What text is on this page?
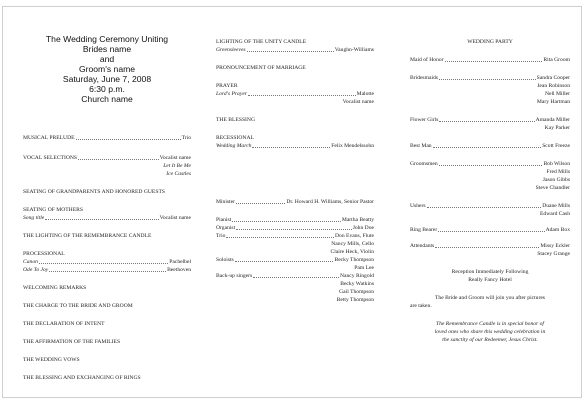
The Wedding Ceremony Uniting
Brides name
and
Groom's name
Saturday, June 7, 2008
6:30 p.m.
Church name
MUSICAL PRELUDE	Trio
VOCAL SELECTIONS	Vocalist name
Let It Be Me
Ice Castles
SEATING OF GRANDPARENTS AND HONORED GUESTS
SEATING OF MOTHERS
Song title	Vocalist name
THE LIGHTING OF THE REMEMBRANCE CANDLE
PROCESSIONAL
Canon	Pachelbel
Ode To Joy	Beethoven
WELCOMING REMARKS
THE CHARGE TO THE BRIDE AND GROOM
THE DECLARATION OF INTENT
THE AFFIRMATION OF THE FAMILIES
THE WEDDING VOWS
THE BLESSING AND EXCHANGING OF RINGS
LIGHTING OF THE UNITY CANDLE
Greensleeves	Vaughn-Williams
PRONOUNCEMENT OF MARRIAGE
PRAYER
Lord's Prayer	Malotte
Vocalist name
THE BLESSING
RECESSIONAL
Wedding March	Felix Mendelssohn
Minister	Dr. Howard H. Williams, Senior Pastor
Pianist	Martha Beatty
Organist	John Doe
Trio	Don Evans, Flute
Nancy Mills, Cello
Claire Heck, Violin
Soloists	Becky Thompson
Pam Lee
Back-up singers	Nancy Ringold
Becky Watkins
Gail Thompson
Betty Thompson
WEDDING PARTY
Maid of Honor	Rita Groom
Bridesmaids	Sandra Cooper
Jean Robinson
Nell Miller
Mary Hartman
Flower Girls	Amanda Miller
Kay Parker
Best Man	Scott Freeze
Groomsmen	Bob Wilson
Fred Mills
Jason Gibbs
Steve Chandler
Ushers	Duane Mills
Edward Cash
Ring Bearer	Adam Box
Attendants	Missy Eckler
Stacey Grange
Reception Immediately Following
Really Fancy Hotel
The Bride and Groom will join you after pictures
are taken.
The Remembrance Candle is in special honor of
loved ones who share this wedding celebration in
the sanctity of our Redeemer, Jesus Christ.
